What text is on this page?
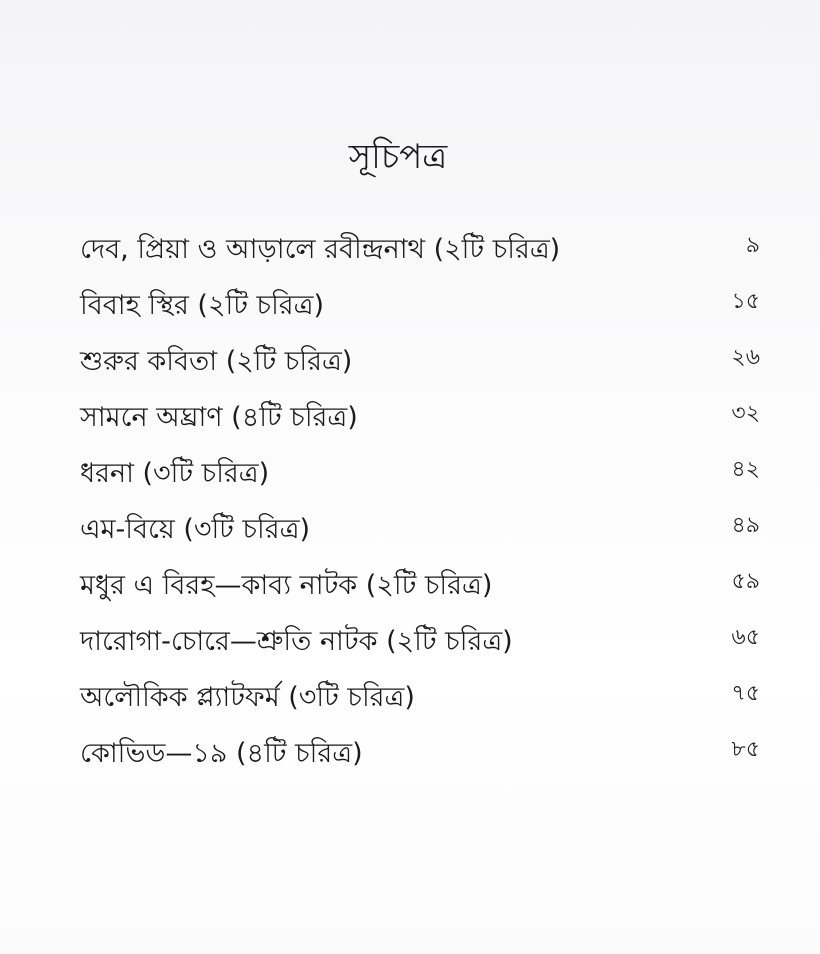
সূচিপত্র
দেব, প্রিয়া ও আড়ালে রবীন্দ্রনাথ (২টি চরিত্র)	৯
বিবাহ স্থির (২টি চরিত্র)	১৫
শুরুর কবিতা (২টি চরিত্র)	২৬
সামনে অঘ্রাণ (৪টি চরিত্র)	৩২
ধরনা (৩টি চরিত্র)	৪২
এম-বিয়ে (৩টি চরিত্র)	৪৯
মধুর এ বিরহ—কাব্য নাটক (২টি চরিত্র)	৫৯
দারোগা-চোরে—শ্রুতি নাটক (২টি চরিত্র)	৬৫
অলৌকিক প্ল্যাটফর্ম (৩টি চরিত্র)	৭৫
কোভিড—১৯ (৪টি চরিত্র)	৮৫
